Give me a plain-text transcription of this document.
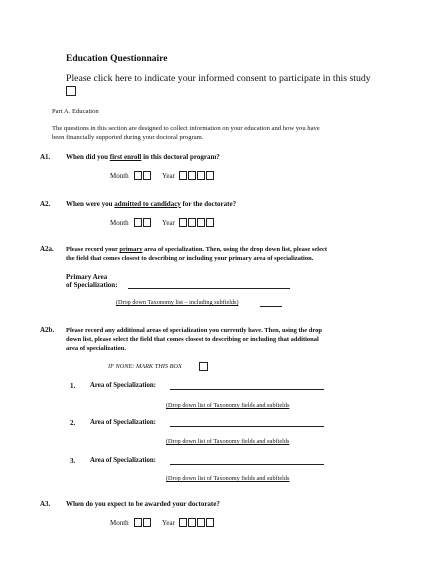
Education Questionnaire
Please click here to indicate your informed consent to participate in this study
Part A. Education
The questions in this section are designed to collect information on your education and how you have
been financially supported during your doctoral program.
A1. When did you first enroll in this doctoral program?
Month	Year
A2. When were you admitted to candidacy for the doctorate?
Month	Year
A2a. Please record your primary area of specialization. Then, using the drop down list, please select
the field that comes closest to describing or including your primary area of specialization.
Primary Area
of Specialization:
(Drop down Taxonomy list – including subfields)
A2b. Please record any additional areas of specialization you currently have. Then, using the drop
down list, please select the field that comes closest to describing or including that additional
area of specialization.
IF NONE: MARK THIS BOX
1. Area of Specialization:
(Drop down list of Taxonomy fields and subfields
2. Area of Specialization:
(Drop down list of Taxonomy fields and subfields
3. Area of Specialization:
(Drop down list of Taxonomy fields and subfields
A3. When do you expect to be awarded your doctorate?
Month	Year
